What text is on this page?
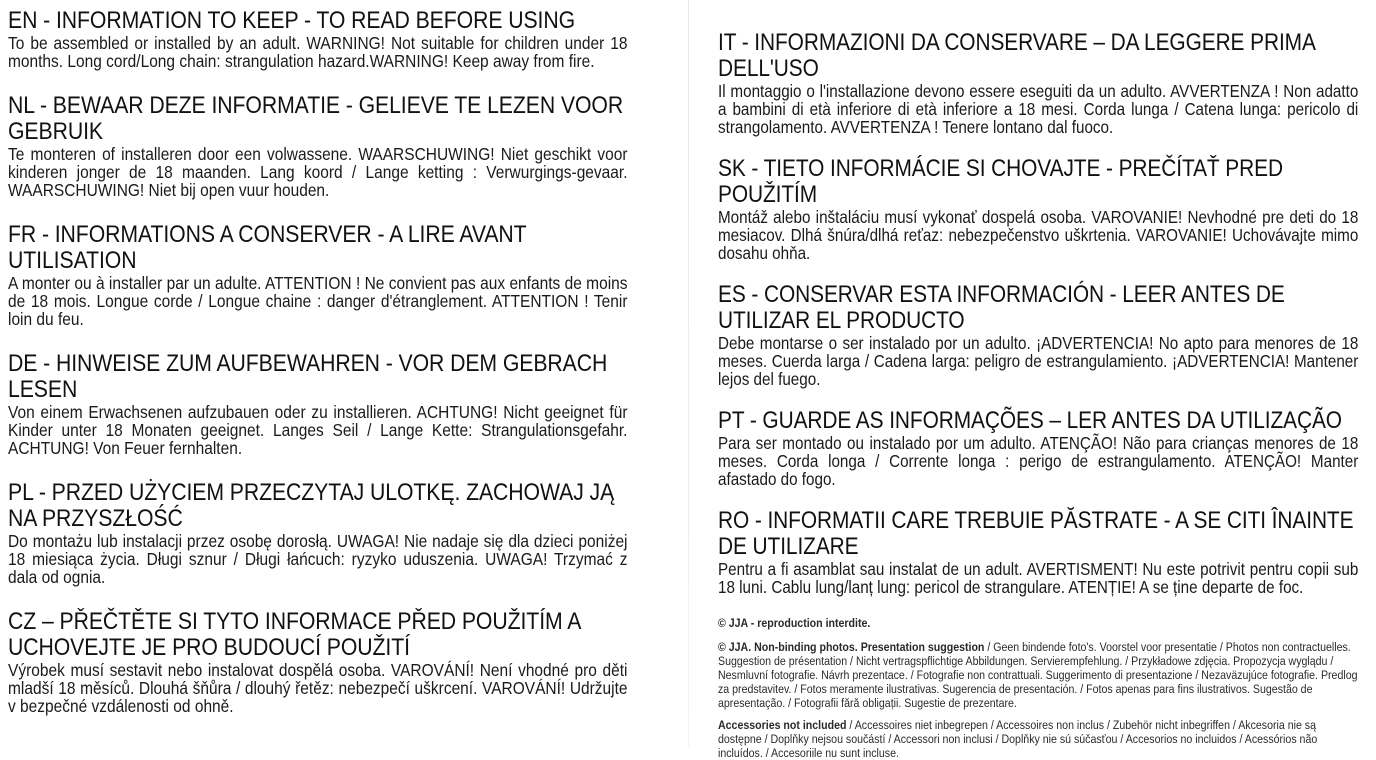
EN - INFORMATION TO KEEP - TO READ BEFORE USING
To be assembled or installed by an adult. WARNING! Not suitable for children under 18 months. Long cord/Long chain: strangulation hazard.WARNING! Keep away from fire.
NL - BEWAAR DEZE INFORMATIE - GELIEVE TE LEZEN VOOR GEBRUIK
Te monteren of installeren door een volwassene. WAARSCHUWING! Niet geschikt voor kinderen jonger de 18 maanden. Lang koord / Lange ketting : Verwurgings-gevaar. WAARSCHUWING! Niet bij open vuur houden.
FR - INFORMATIONS A CONSERVER - A LIRE AVANT UTILISATION
A monter ou à installer par un adulte. ATTENTION ! Ne convient pas aux enfants de moins de 18 mois. Longue corde / Longue chaine : danger d'étranglement. ATTENTION ! Tenir loin du feu.
DE - HINWEISE ZUM AUFBEWAHREN - VOR DEM GEBRACH LESEN
Von einem Erwachsenen aufzubauen oder zu installieren. ACHTUNG! Nicht geeignet für Kinder unter 18 Monaten geeignet. Langes Seil / Lange Kette: Strangulationsgefahr. ACHTUNG! Von Feuer fernhalten.
PL - PRZED UŻYCIEM PRZECZYTAJ ULOTKĘ. ZACHOWAJ JĄ NA PRZYSZŁOŚĆ
Do montażu lub instalacji przez osobę dorosłą. UWAGA! Nie nadaje się dla dzieci poniżej 18 miesiąca życia. Długi sznur / Długi łańcuch: ryzyko uduszenia. UWAGA! Trzymać z dala od ognia.
CZ – PŘEČTĚTE SI TYTO INFORMACE PŘED POUŽITÍM A UCHOVEJTE JE PRO BUDOUCÍ POUŽITÍ
Výrobek musí sestavit nebo instalovat dospělá osoba. VAROVÁNÍ! Není vhodné pro děti mladší 18 měsíců. Dlouhá šňůra / dlouhý řetěz: nebezpečí uškrcení. VAROVÁNÍ! Udržujte v bezpečné vzdálenosti od ohně.
IT - INFORMAZIONI DA CONSERVARE – DA LEGGERE PRIMA DELL'USO
Il montaggio o l'installazione devono essere eseguiti da un adulto. AVVERTENZA ! Non adatto a bambini di età inferiore di età inferiore a 18 mesi. Corda lunga / Catena lunga: pericolo di strangolamento. AVVERTENZA ! Tenere lontano dal fuoco.
SK - TIETO INFORMÁCIE SI CHOVAJTE - PREČÍTAŤ PRED POUŽITÍM
Montáž alebo inštaláciu musí vykonať dospelá osoba. VAROVANIE! Nevhodné pre deti do 18 mesiacov. Dlhá šnúra/dlhá reťaz: nebezpečenstvo uškrtenia. VAROVANIE! Uchovávajte mimo dosahu ohňa.
ES - CONSERVAR ESTA INFORMACIÓN - LEER ANTES DE UTILIZAR EL PRODUCTO
Debe montarse o ser instalado por un adulto. ¡ADVERTENCIA! No apto para menores de 18 meses. Cuerda larga / Cadena larga: peligro de estrangulamiento. ¡ADVERTENCIA! Mantener lejos del fuego.
PT - GUARDE AS INFORMAÇÕES – LER ANTES DA UTILIZAÇÃO
Para ser montado ou instalado por um adulto. ATENÇÃO! Não para crianças menores de 18 meses. Corda longa / Corrente longa : perigo de estrangulamento. ATENÇÃO! Manter afastado do fogo.
RO - INFORMATII CARE TREBUIE PĂSTRATE - A SE CITI ÎNAINTE DE UTILIZARE
Pentru a fi asamblat sau instalat de un adult. AVERTISMENT! Nu este potrivit pentru copii sub 18 luni. Cablu lung/lanț lung: pericol de strangulare. ATENȚIE! A se ține departe de foc.
© JJA - reproduction interdite.
© JJA. Non-binding photos. Presentation suggestion / Geen bindende foto's. Voorstel voor presentatie / Photos non contractuelles. Suggestion de présentation / Nicht vertragspflichtige Abbildungen. Servierempfehlung. / Przykładowe zdjęcia. Propozycja wyglądu / Nesmluvní fotografie. Návrh prezentace. / Fotografie non contrattuali. Suggerimento di presentazione / Nezaväzujúce fotografie. Predlog za predstavitev. / Fotos meramente ilustrativas. Sugerencia de presentación. / Fotos apenas para fins ilustrativos. Sugestão de apresentação. / Fotografii fără obligații. Sugestie de prezentare.
Accessories not included / Accessoires niet inbegrepen / Accessoires non inclus / Zubehör nicht inbegriffen / Akcesoria nie są dostępne / Doplňky nejsou součástí / Accessori non inclusi / Doplňky nie sú súčasťou / Accesorios no incluidos / Acessórios não incluídos. / Accesoriile nu sunt incluse.
